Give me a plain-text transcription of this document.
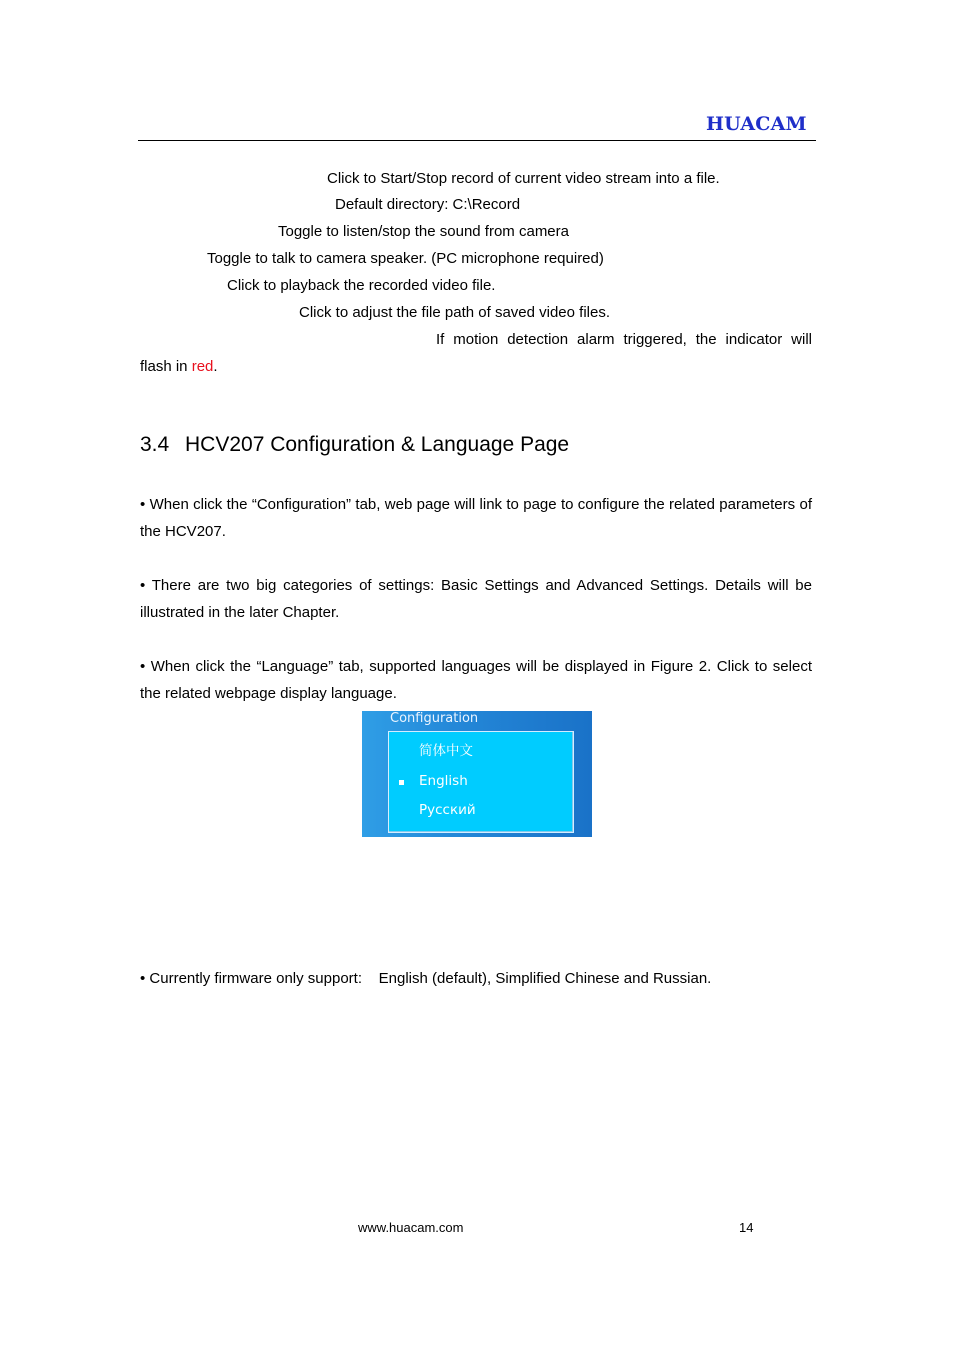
HUACAM
Click to Start/Stop record of current video stream into a file.
Default directory: C:\Record
Toggle to listen/stop the sound from camera
Toggle to talk to camera speaker. (PC microphone required)
Click to playback the recorded video file.
Click to adjust the file path of saved video files.
If motion detection alarm triggered, the indicator will
flash in red.
3.4 HCV207 Configuration & Language Page
• When click the “Configuration” tab, web page will link to page to configure the related parameters of the HCV207.
• There are two big categories of settings: Basic Settings and Advanced Settings. Details will be illustrated in the later Chapter.
• When click the “Language” tab, supported languages will be displayed in Figure 2. Click to select the related webpage display language.
Configuration
简体中文
English
Русский
• Currently firmware only support:    English (default), Simplified Chinese and Russian.
www.huacam.com	14
